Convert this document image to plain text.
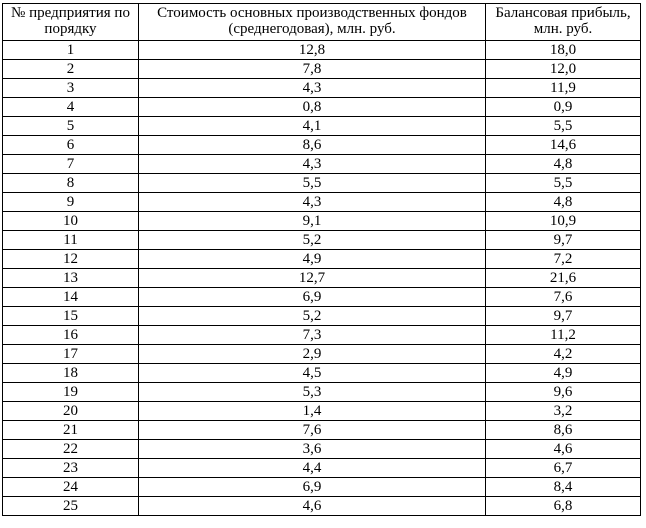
№ предприятия по порядку	Стоимость основных производственных фондов (среднегодовая), млн. руб.	Балансовая прибыль, млн. руб.
1	12,8	18,0
2	7,8	12,0
3	4,3	11,9
4	0,8	0,9
5	4,1	5,5
6	8,6	14,6
7	4,3	4,8
8	5,5	5,5
9	4,3	4,8
10	9,1	10,9
11	5,2	9,7
12	4,9	7,2
13	12,7	21,6
14	6,9	7,6
15	5,2	9,7
16	7,3	11,2
17	2,9	4,2
18	4,5	4,9
19	5,3	9,6
20	1,4	3,2
21	7,6	8,6
22	3,6	4,6
23	4,4	6,7
24	6,9	8,4
25	4,6	6,8
